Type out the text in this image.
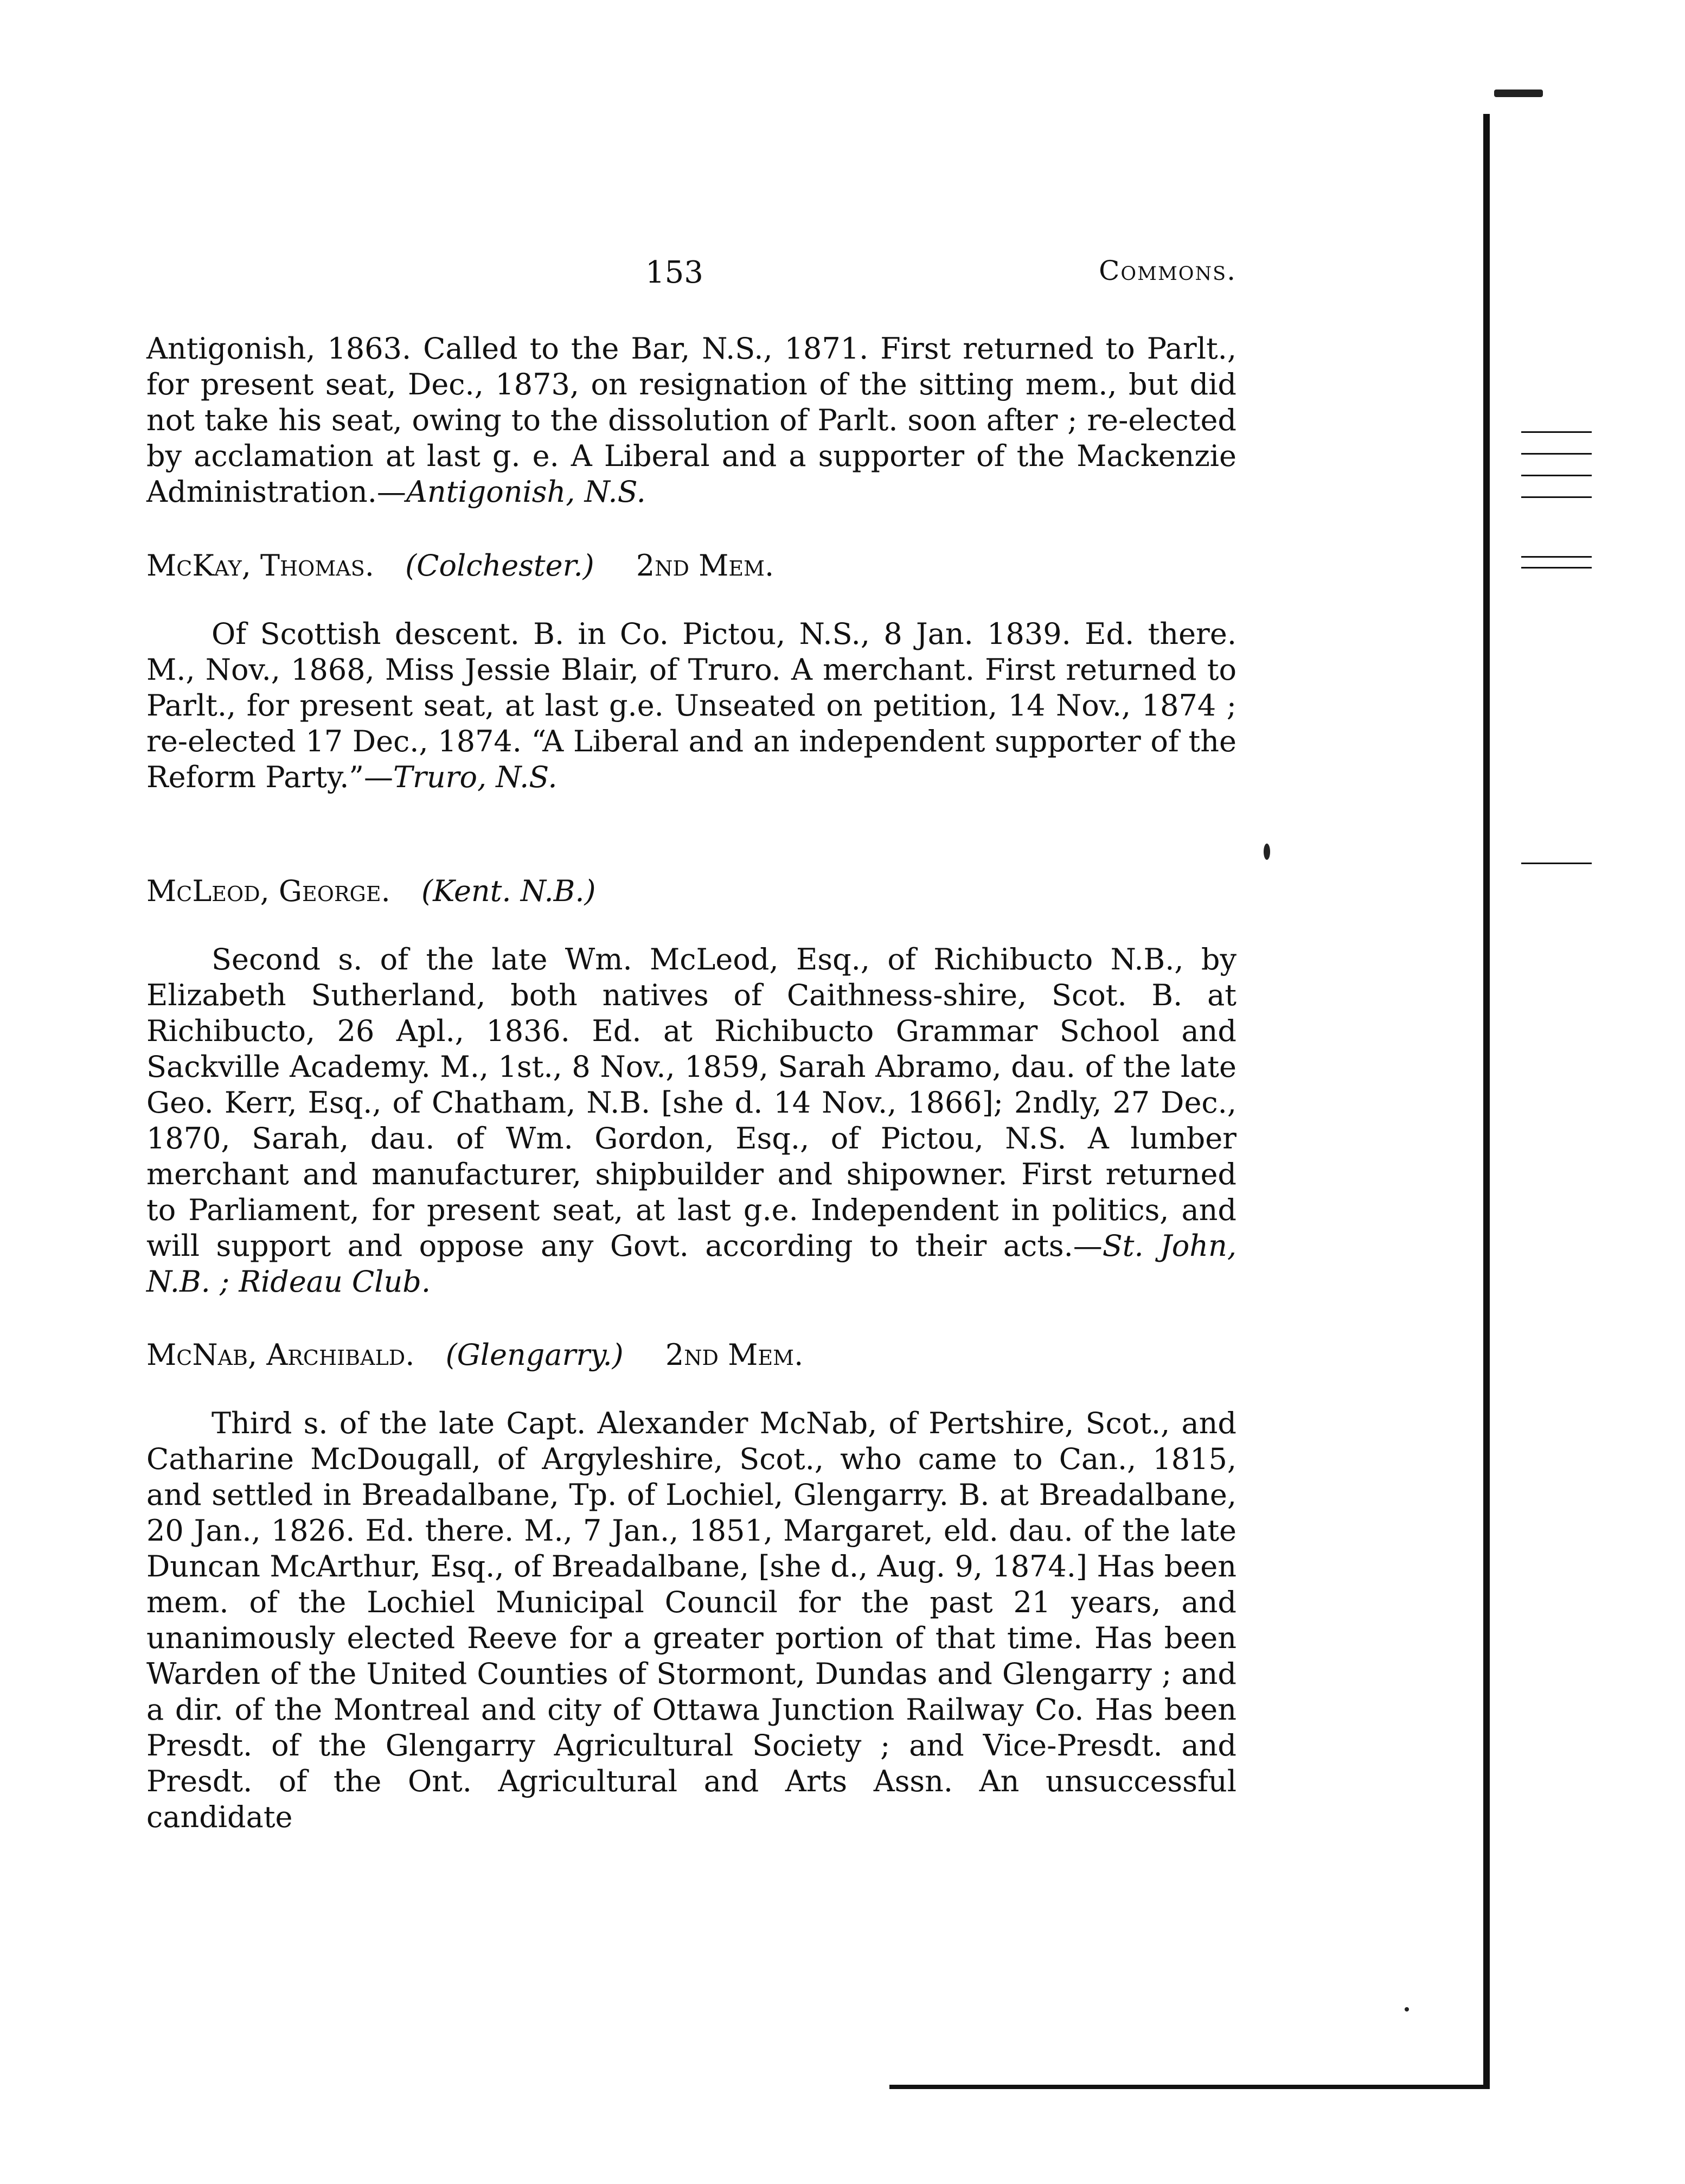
153	Commons.

Antigonish, 1863. Called to the Bar, N.S., 1871. First returned to Parlt., for present seat, Dec., 1873, on resignation of the sitting mem., but did not take his seat, owing to the dissolution of Parlt. soon after ; re-elected by acclamation at last g. e. A Liberal and a supporter of the Mackenzie Administration.—Antigonish, N.S.

McKay, Thomas. (Colchester.) 2nd Mem.

Of Scottish descent. B. in Co. Pictou, N.S., 8 Jan. 1839. Ed. there. M., Nov., 1868, Miss Jessie Blair, of Truro. A merchant. First returned to Parlt., for present seat, at last g.e. Unseated on petition, 14 Nov., 1874 ; re-elected 17 Dec., 1874. “A Liberal and an independent supporter of the Reform Party.”—Truro, N.S.

McLeod, George. (Kent. N.B.)

Second s. of the late Wm. McLeod, Esq., of Richibucto N.B., by Elizabeth Sutherland, both natives of Caithness-shire, Scot. B. at Richibucto, 26 Apl., 1836. Ed. at Richibucto Grammar School and Sackville Academy. M., 1st., 8 Nov., 1859, Sarah Abramo, dau. of the late Geo. Kerr, Esq., of Chatham, N.B. [she d. 14 Nov., 1866]; 2ndly, 27 Dec., 1870, Sarah, dau. of Wm. Gordon, Esq., of Pictou, N.S. A lumber merchant and manufacturer, shipbuilder and shipowner. First returned to Parliament, for present seat, at last g.e. Independent in politics, and will support and oppose any Govt. according to their acts.—St. John, N.B. ; Rideau Club.

McNab, Archibald. (Glengarry.) 2nd Mem.

Third s. of the late Capt. Alexander McNab, of Pertshire, Scot., and Catharine McDougall, of Argyleshire, Scot., who came to Can., 1815, and settled in Breadalbane, Tp. of Lochiel, Glengarry. B. at Breadalbane, 20 Jan., 1826. Ed. there. M., 7 Jan., 1851, Margaret, eld. dau. of the late Duncan McArthur, Esq., of Breadalbane, [she d., Aug. 9, 1874.] Has been mem. of the Lochiel Municipal Council for the past 21 years, and unanimously elected Reeve for a greater portion of that time. Has been Warden of the United Counties of Stormont, Dundas and Glengarry ; and a dir. of the Montreal and city of Ottawa Junction Railway Co. Has been Presdt. of the Glengarry Agricultural Society ; and Vice-Presdt. and Presdt. of the Ont. Agricultural and Arts Assn. An unsuccessful candidate
